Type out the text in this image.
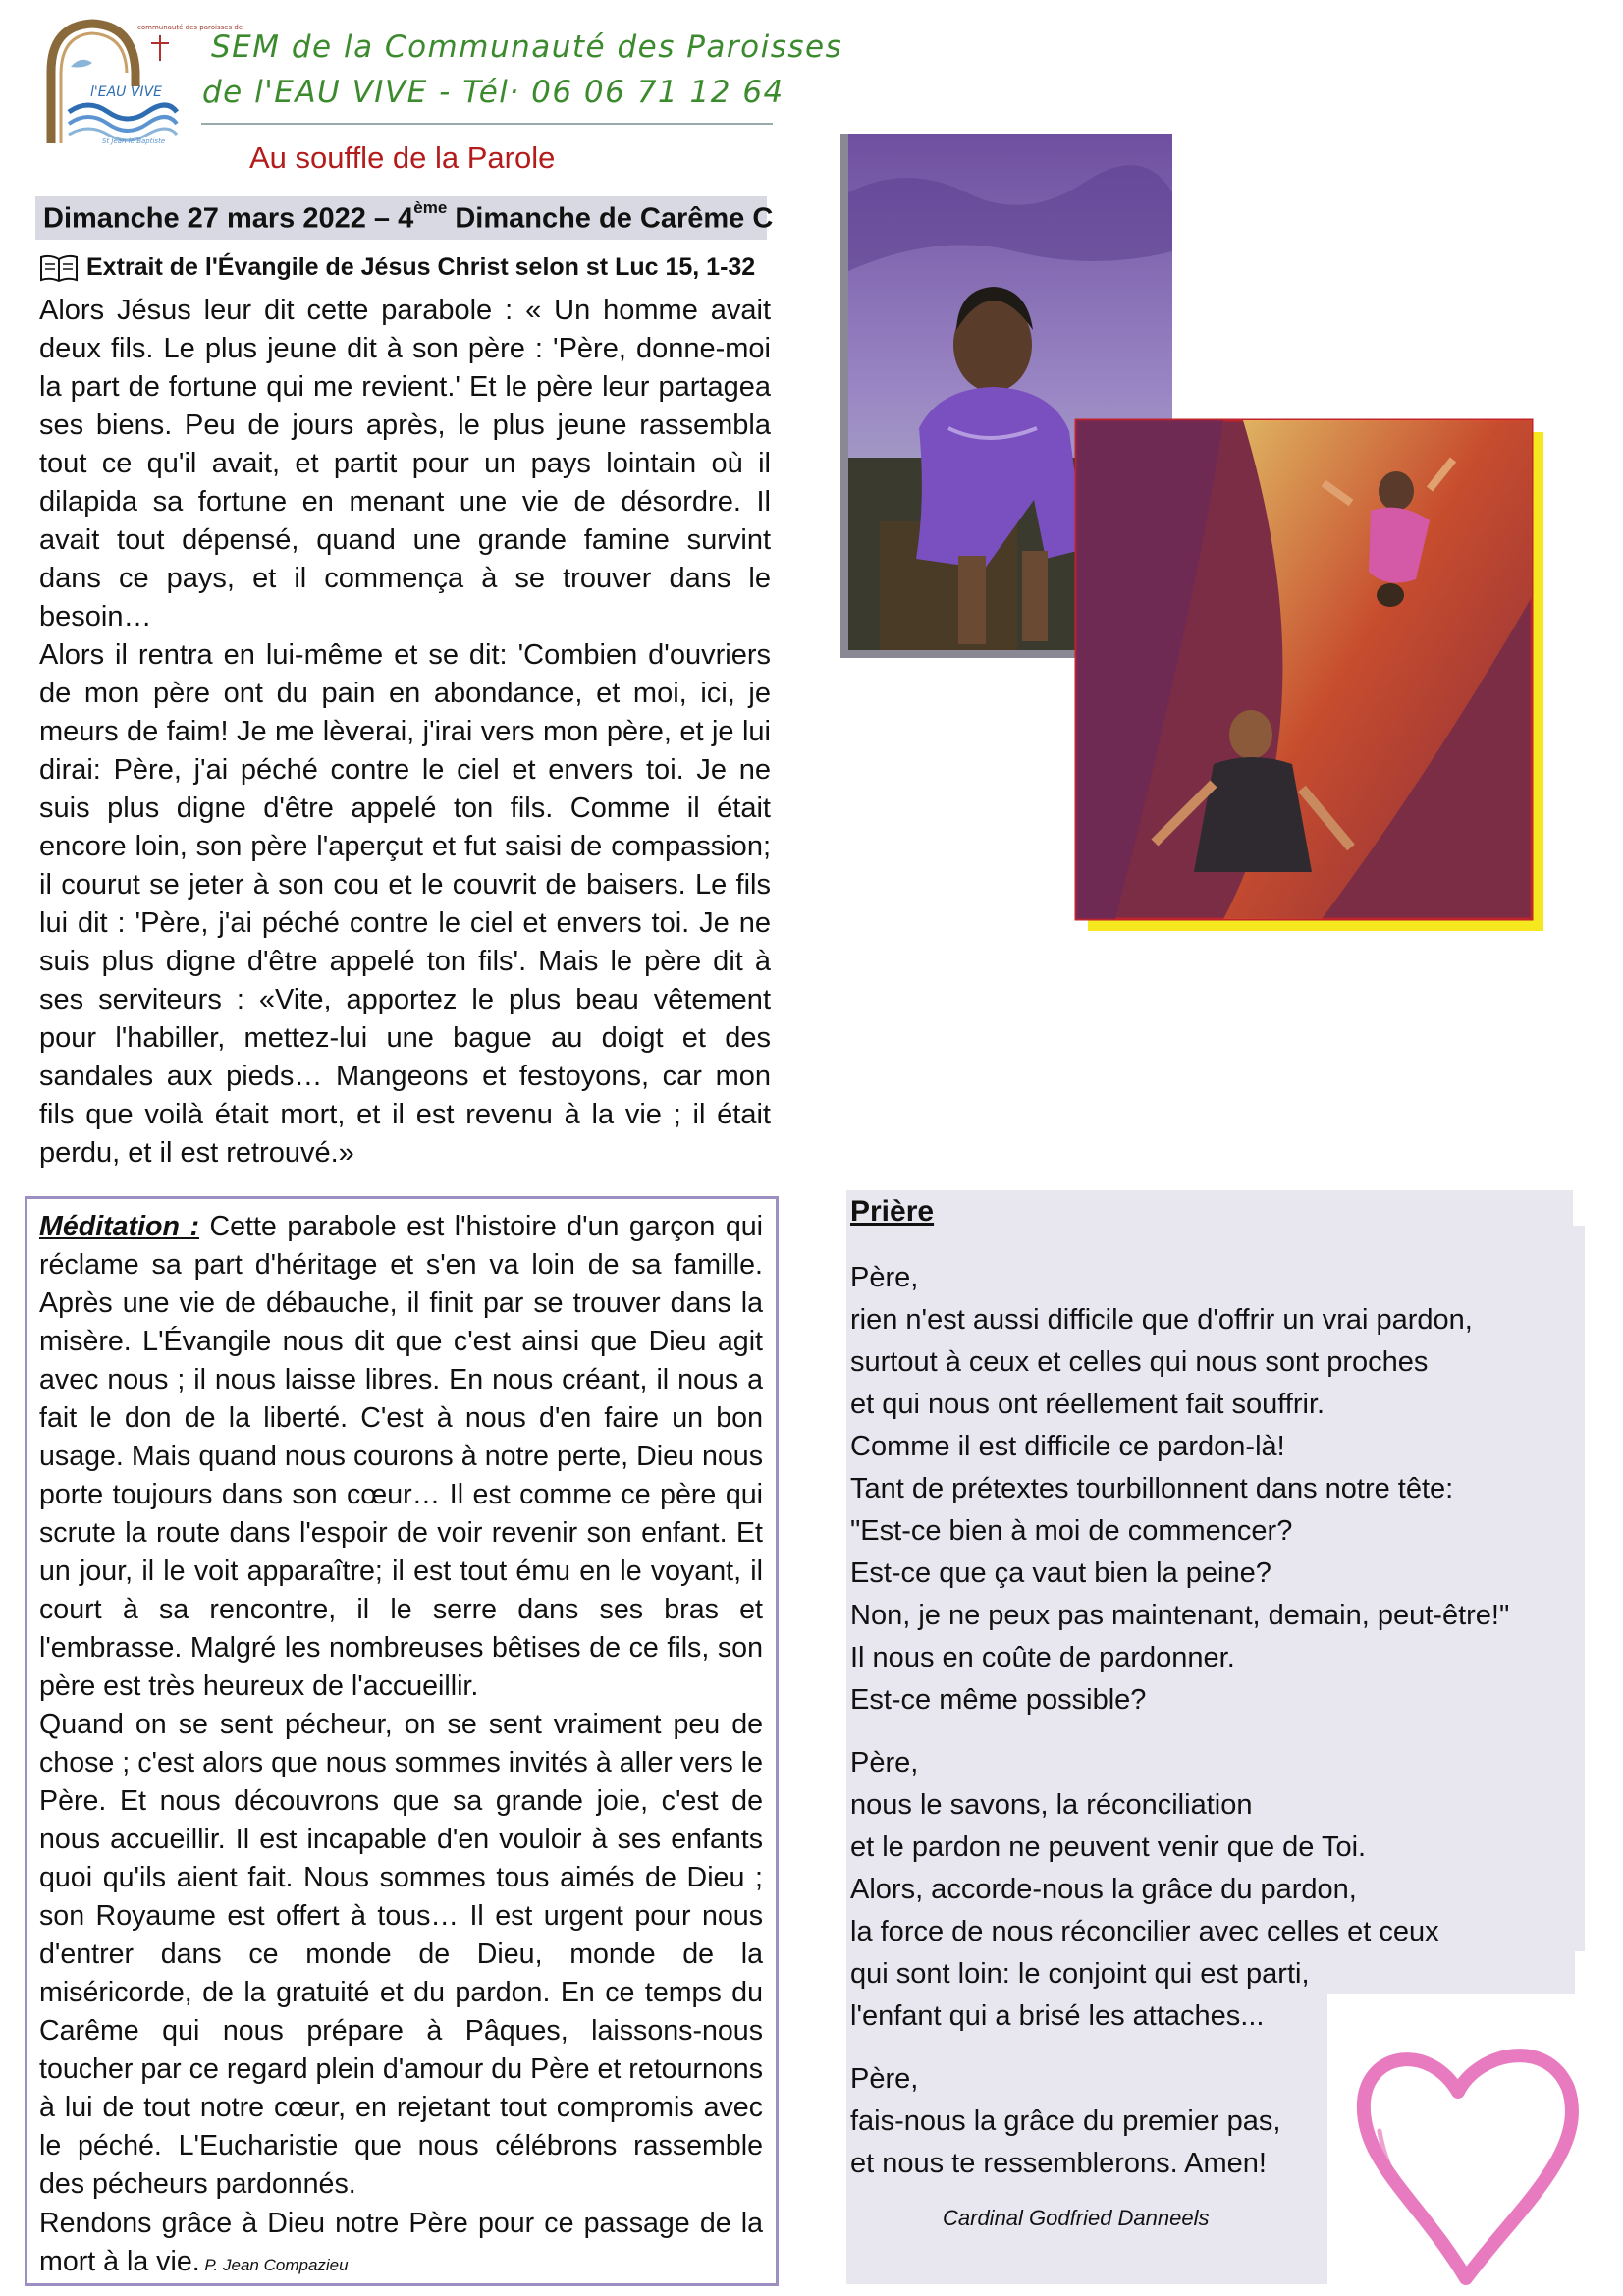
communauté des paroisses de
l'EAU VIVE
St Jean le Baptiste
SEM de la Communauté des Paroisses
de l'EAU VIVE - Tél· 06 06 71 12 64
Au souffle de la Parole
Dimanche 27 mars 2022 – 4ème Dimanche de Carême C
Extrait de l'Évangile de Jésus Christ selon st Luc 15, 1-32

Alors Jésus leur dit cette parabole : « Un homme avait deux fils. Le plus jeune dit à son père : 'Père, donne-moi la part de fortune qui me revient.' Et le père leur partagea ses biens. Peu de jours après, le plus jeune rassembla tout ce qu'il avait, et partit pour un pays lointain où il dilapida sa fortune en menant une vie de désordre. Il avait tout dépensé, quand une grande famine survint dans ce pays, et il commença à se trouver dans le besoin…

Alors il rentra en lui-même et se dit: 'Combien d'ouvriers de mon père ont du pain en abondance, et moi, ici, je meurs de faim! Je me lèverai, j'irai vers mon père, et je lui dirai: Père, j'ai péché contre le ciel et envers toi. Je ne suis plus digne d'être appelé ton fils. Comme il était encore loin, son père l'aperçut et fut saisi de compassion; il courut se jeter à son cou et le couvrit de baisers. Le fils lui dit : 'Père, j'ai péché contre le ciel et envers toi. Je ne suis plus digne d'être appelé ton fils'. Mais le père dit à ses serviteurs : «Vite, apportez le plus beau vêtement pour l'habiller, mettez-lui une bague au doigt et des sandales aux pieds… Mangeons et festoyons, car mon fils que voilà était mort, et il est revenu à la vie ; il était perdu, et il est retrouvé.»

Méditation : Cette parabole est l'histoire d'un garçon qui réclame sa part d'héritage et s'en va loin de sa famille. Après une vie de débauche, il finit par se trouver dans la misère. L'Évangile nous dit que c'est ainsi que Dieu agit avec nous ; il nous laisse libres. En nous créant, il nous a fait le don de la liberté. C'est à nous d'en faire un bon usage. Mais quand nous courons à notre perte, Dieu nous porte toujours dans son cœur… Il est comme ce père qui scrute la route dans l'espoir de voir revenir son enfant. Et un jour, il le voit apparaître; il est tout ému en le voyant, il court à sa rencontre, il le serre dans ses bras et l'embrasse. Malgré les nombreuses bêtises de ce fils, son père est très heureux de l'accueillir.

Quand on se sent pécheur, on se sent vraiment peu de chose ; c'est alors que nous sommes invités à aller vers le Père. Et nous découvrons que sa grande joie, c'est de nous accueillir. Il est incapable d'en vouloir à ses enfants quoi qu'ils aient fait. Nous sommes tous aimés de Dieu ; son Royaume est offert à tous… Il est urgent pour nous d'entrer dans ce monde de Dieu, monde de la miséricorde, de la gratuité et du pardon. En ce temps du Carême qui nous prépare à Pâques, laissons-nous toucher par ce regard plein d'amour du Père et retournons à lui de tout notre cœur, en rejetant tout compromis avec le péché. L'Eucharistie que nous célébrons rassemble des pécheurs pardonnés.

Rendons grâce à Dieu notre Père pour ce passage de la mort à la vie. P. Jean Compazieu

Prière
Père,
rien n'est aussi difficile que d'offrir un vrai pardon,
surtout à ceux et celles qui nous sont proches
et qui nous ont réellement fait souffrir.
Comme il est difficile ce pardon-là!
Tant de prétextes tourbillonnent dans notre tête:
"Est-ce bien à moi de commencer?
Est-ce que ça vaut bien la peine?
Non, je ne peux pas maintenant, demain, peut-être!"
Il nous en coûte de pardonner.
Est-ce même possible?
Père,
nous le savons, la réconciliation
et le pardon ne peuvent venir que de Toi.
Alors, accorde-nous la grâce du pardon,
la force de nous réconcilier avec celles et ceux
qui sont loin: le conjoint qui est parti,
l'enfant qui a brisé les attaches...
Père,
fais-nous la grâce du premier pas,
et nous te ressemblerons. Amen!
Cardinal Godfried Danneels
